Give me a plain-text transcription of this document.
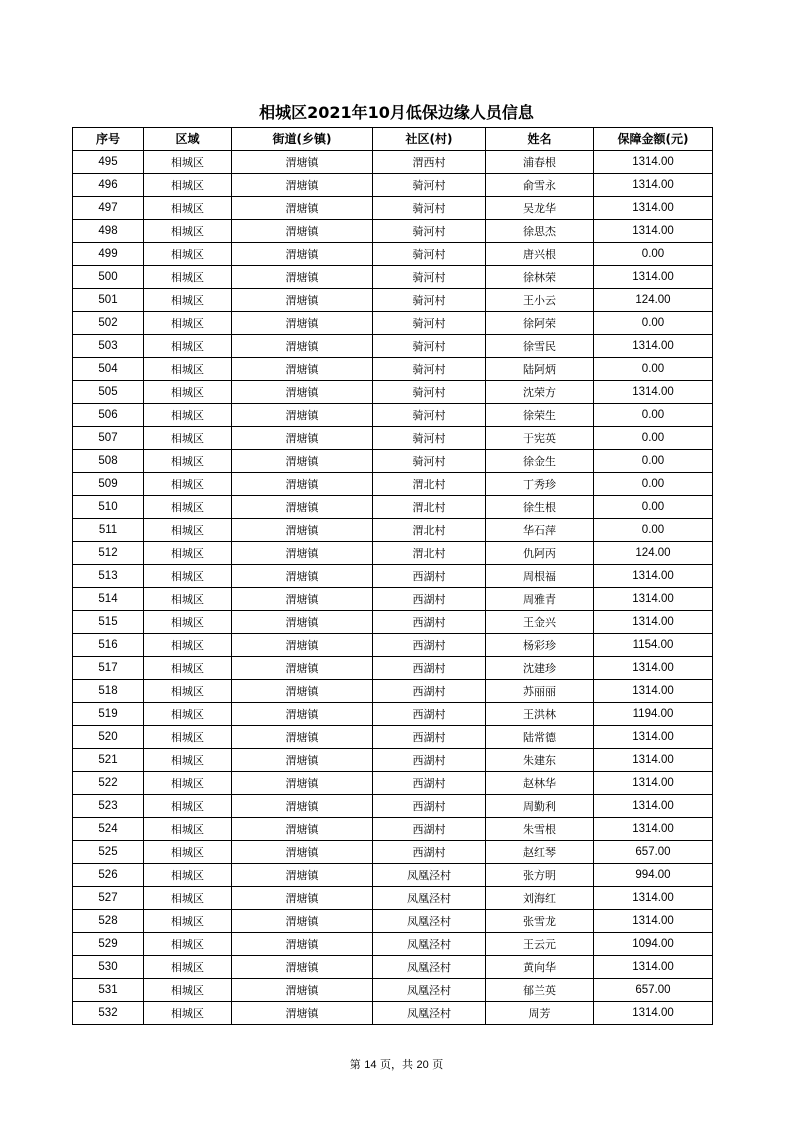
相城区2021年10月低保边缘人员信息
序号	区域	街道(乡镇)	社区(村)	姓名	保障金额(元)
495	相城区	渭塘镇	渭西村	浦春根	1314.00
496	相城区	渭塘镇	骑河村	俞雪永	1314.00
497	相城区	渭塘镇	骑河村	吴龙华	1314.00
498	相城区	渭塘镇	骑河村	徐思杰	1314.00
499	相城区	渭塘镇	骑河村	唐兴根	0.00
500	相城区	渭塘镇	骑河村	徐林荣	1314.00
501	相城区	渭塘镇	骑河村	王小云	124.00
502	相城区	渭塘镇	骑河村	徐阿荣	0.00
503	相城区	渭塘镇	骑河村	徐雪民	1314.00
504	相城区	渭塘镇	骑河村	陆阿炳	0.00
505	相城区	渭塘镇	骑河村	沈荣方	1314.00
506	相城区	渭塘镇	骑河村	徐荣生	0.00
507	相城区	渭塘镇	骑河村	于宪英	0.00
508	相城区	渭塘镇	骑河村	徐金生	0.00
509	相城区	渭塘镇	渭北村	丁秀珍	0.00
510	相城区	渭塘镇	渭北村	徐生根	0.00
511	相城区	渭塘镇	渭北村	华石萍	0.00
512	相城区	渭塘镇	渭北村	仇阿丙	124.00
513	相城区	渭塘镇	西湖村	周根福	1314.00
514	相城区	渭塘镇	西湖村	周雅青	1314.00
515	相城区	渭塘镇	西湖村	王金兴	1314.00
516	相城区	渭塘镇	西湖村	杨彩珍	1154.00
517	相城区	渭塘镇	西湖村	沈建珍	1314.00
518	相城区	渭塘镇	西湖村	苏丽丽	1314.00
519	相城区	渭塘镇	西湖村	王洪林	1194.00
520	相城区	渭塘镇	西湖村	陆常德	1314.00
521	相城区	渭塘镇	西湖村	朱建东	1314.00
522	相城区	渭塘镇	西湖村	赵林华	1314.00
523	相城区	渭塘镇	西湖村	周勤利	1314.00
524	相城区	渭塘镇	西湖村	朱雪根	1314.00
525	相城区	渭塘镇	西湖村	赵红琴	657.00
526	相城区	渭塘镇	凤凰泾村	张方明	994.00
527	相城区	渭塘镇	凤凰泾村	刘海红	1314.00
528	相城区	渭塘镇	凤凰泾村	张雪龙	1314.00
529	相城区	渭塘镇	凤凰泾村	王云元	1094.00
530	相城区	渭塘镇	凤凰泾村	黄向华	1314.00
531	相城区	渭塘镇	凤凰泾村	郁兰英	657.00
532	相城区	渭塘镇	凤凰泾村	周芳	1314.00
第 14 页，共 20 页
